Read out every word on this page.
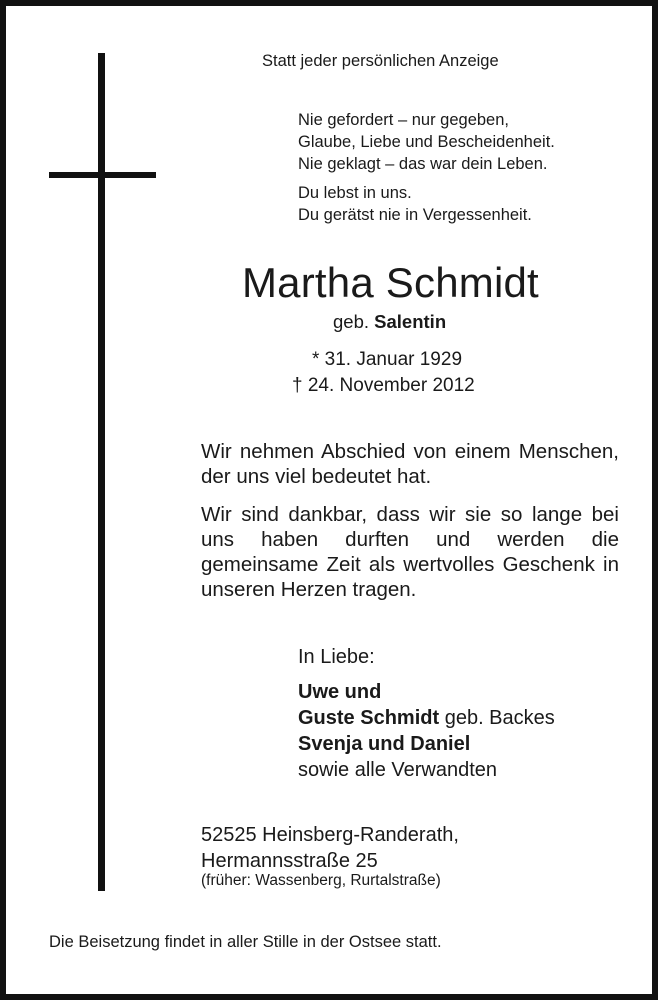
Statt jeder persönlichen Anzeige
Nie gefordert – nur gegeben,
Glaube, Liebe und Bescheidenheit.
Nie geklagt – das war dein Leben.
Du lebst in uns.
Du gerätst nie in Vergessenheit.
Martha Schmidt
geb. Salentin
* 31. Januar 1929
† 24. November 2012
Wir nehmen Abschied von einem Menschen, der uns viel bedeutet hat.
Wir sind dankbar, dass wir sie so lange bei uns haben durften und werden die gemeinsame Zeit als wertvolles Geschenk in unseren Herzen tragen.
In Liebe:
Uwe und
Guste Schmidt geb. Backes
Svenja und Daniel
sowie alle Verwandten
52525 Heinsberg-Randerath,
Hermannsstraße 25
(früher: Wassenberg, Rurtalstraße)
Die Beisetzung findet in aller Stille in der Ostsee statt.
